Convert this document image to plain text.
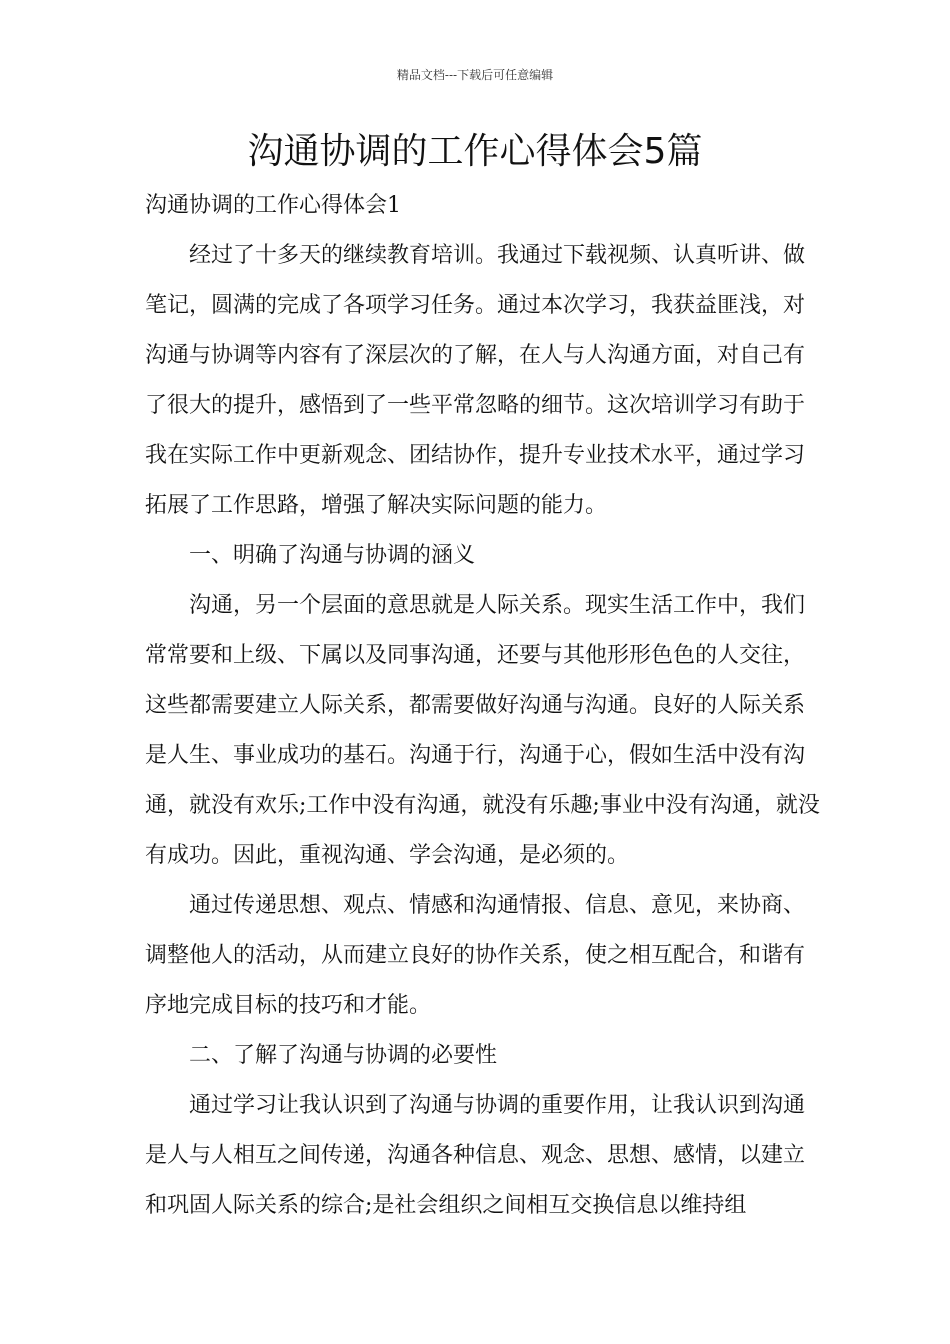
精品文档---下载后可任意编辑
沟通协调的工作心得体会5篇

沟通协调的工作心得体会1

经过了十多天的继续教育培训。我通过下载视频、认真听讲、做笔记，圆满的完成了各项学习任务。通过本次学习，我获益匪浅，对沟通与协调等内容有了深层次的了解，在人与人沟通方面，对自己有了很大的提升，感悟到了一些平常忽略的细节。这次培训学习有助于我在实际工作中更新观念、团结协作，提升专业技术水平，通过学习拓展了工作思路，增强了解决实际问题的能力。

一、明确了沟通与协调的涵义

沟通，另一个层面的意思就是人际关系。现实生活工作中，我们常常要和上级、下属以及同事沟通，还要与其他形形色色的人交往，这些都需要建立人际关系，都需要做好沟通与沟通。良好的人际关系是人生、事业成功的基石。沟通于行，沟通于心，假如生活中没有沟通，就没有欢乐;工作中没有沟通，就没有乐趣;事业中没有沟通，就没有成功。因此，重视沟通、学会沟通，是必须的。

通过传递思想、观点、情感和沟通情报、信息、意见，来协商、调整他人的活动，从而建立良好的协作关系，使之相互配合，和谐有序地完成目标的技巧和才能。

二、了解了沟通与协调的必要性

通过学习让我认识到了沟通与协调的重要作用，让我认识到沟通是人与人相互之间传递，沟通各种信息、观念、思想、感情，以建立和巩固人际关系的综合;是社会组织之间相互交换信息以维持组
